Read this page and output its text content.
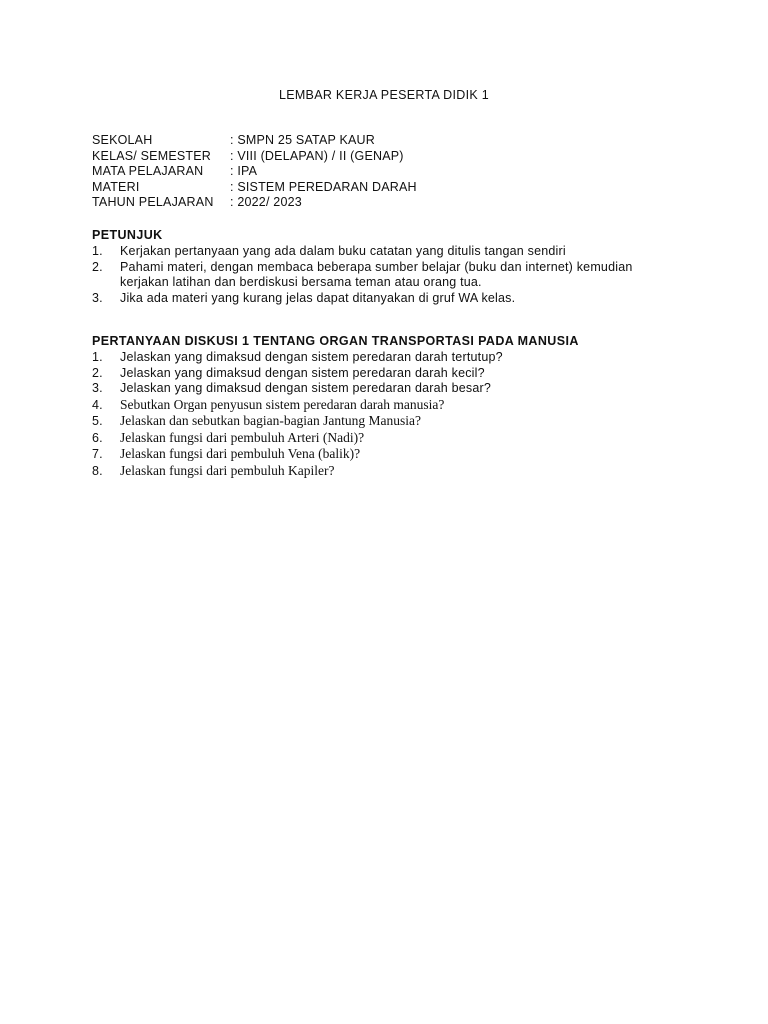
LEMBAR KERJA PESERTA DIDIK 1
SEKOLAH	: SMPN 25 SATAP KAUR
KELAS/ SEMESTER	: VIII (DELAPAN) / II (GENAP)
MATA PELAJARAN	: IPA
MATERI	: SISTEM PEREDARAN DARAH
TAHUN PELAJARAN	: 2022/ 2023
PETUNJUK
1.	Kerjakan pertanyaan yang ada dalam buku catatan yang ditulis tangan sendiri
2.	Pahami materi, dengan membaca beberapa sumber belajar (buku dan internet) kemudian kerjakan latihan dan berdiskusi bersama teman atau orang tua.
3.	Jika ada materi yang kurang jelas dapat ditanyakan di gruf WA kelas.
PERTANYAAN DISKUSI 1 TENTANG ORGAN TRANSPORTASI PADA MANUSIA
1.	Jelaskan yang dimaksud dengan sistem peredaran darah tertutup?
2.	Jelaskan yang dimaksud dengan sistem peredaran darah kecil?
3.	Jelaskan yang dimaksud dengan sistem peredaran darah besar?
4.	Sebutkan Organ penyusun sistem peredaran darah manusia?
5.	Jelaskan dan sebutkan bagian-bagian Jantung Manusia?
6.	Jelaskan fungsi dari pembuluh Arteri (Nadi)?
7.	Jelaskan fungsi dari pembuluh Vena (balik)?
8.	Jelaskan fungsi dari pembuluh Kapiler?
